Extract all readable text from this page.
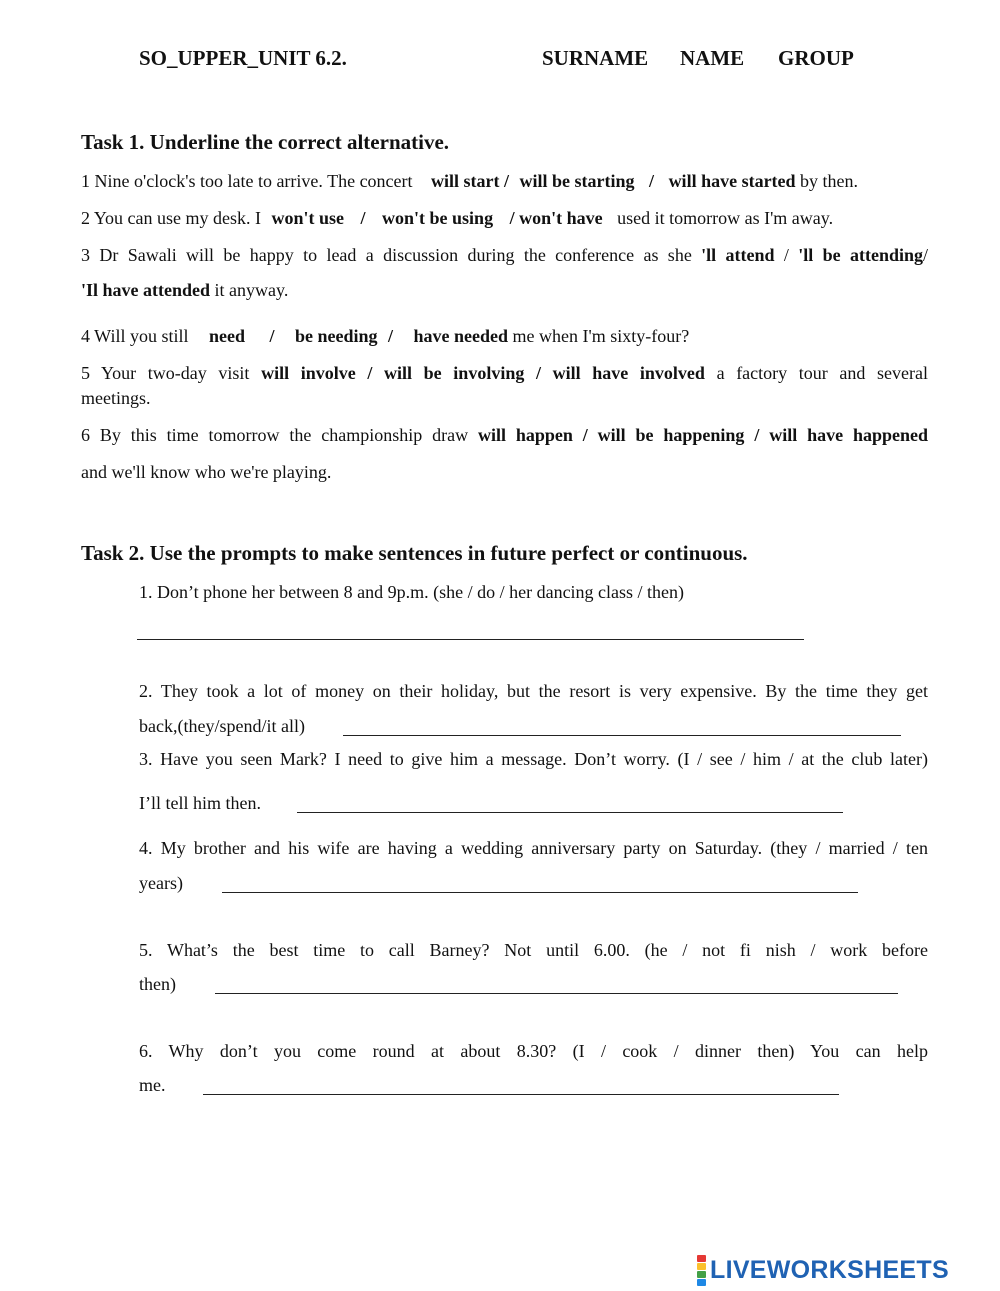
SO_UPPER_UNIT 6.2.	SURNAME NAME GROUP
Task 1. Underline the correct alternative.
1 Nine o'clock's too late to arrive. The concert will start / will be starting / will have started by then.
2 You can use my desk. I won't use / won't be using / won't have used it tomorrow as I'm away.
3 Dr Sawali will be happy to lead a discussion during the conference as she 'll attend / 'll be attending/
'Il have attended it anyway.
4 Will you still need / be needing / have needed me when I'm sixty-four?
5 Your two-day visit will involve / will be involving / will have involved a factory tour and several
meetings.
6 By this time tomorrow the championship draw will happen / will be happening / will have happened
and we'll know who we're playing.
Task 2. Use the prompts to make sentences in future perfect or continuous.
1. Don’t phone her between 8 and 9p.m. (she / do / her dancing class / then)
2. They took a lot of money on their holiday, but the resort is very expensive. By the time they get
back,(they/spend/it all)
3. Have you seen Mark? I need to give him a message. Don’t worry. (I / see / him / at the club later)
I’ll tell him then.
4. My brother and his wife are having a wedding anniversary party on Saturday. (they / married / ten
years)
5. What’s the best time to call Barney? Not until 6.00. (he / not fi nish / work before
then)
6. Why don’t you come round at about 8.30? (I / cook / dinner then) You can help
me.
LIVEWORKSHEETS
